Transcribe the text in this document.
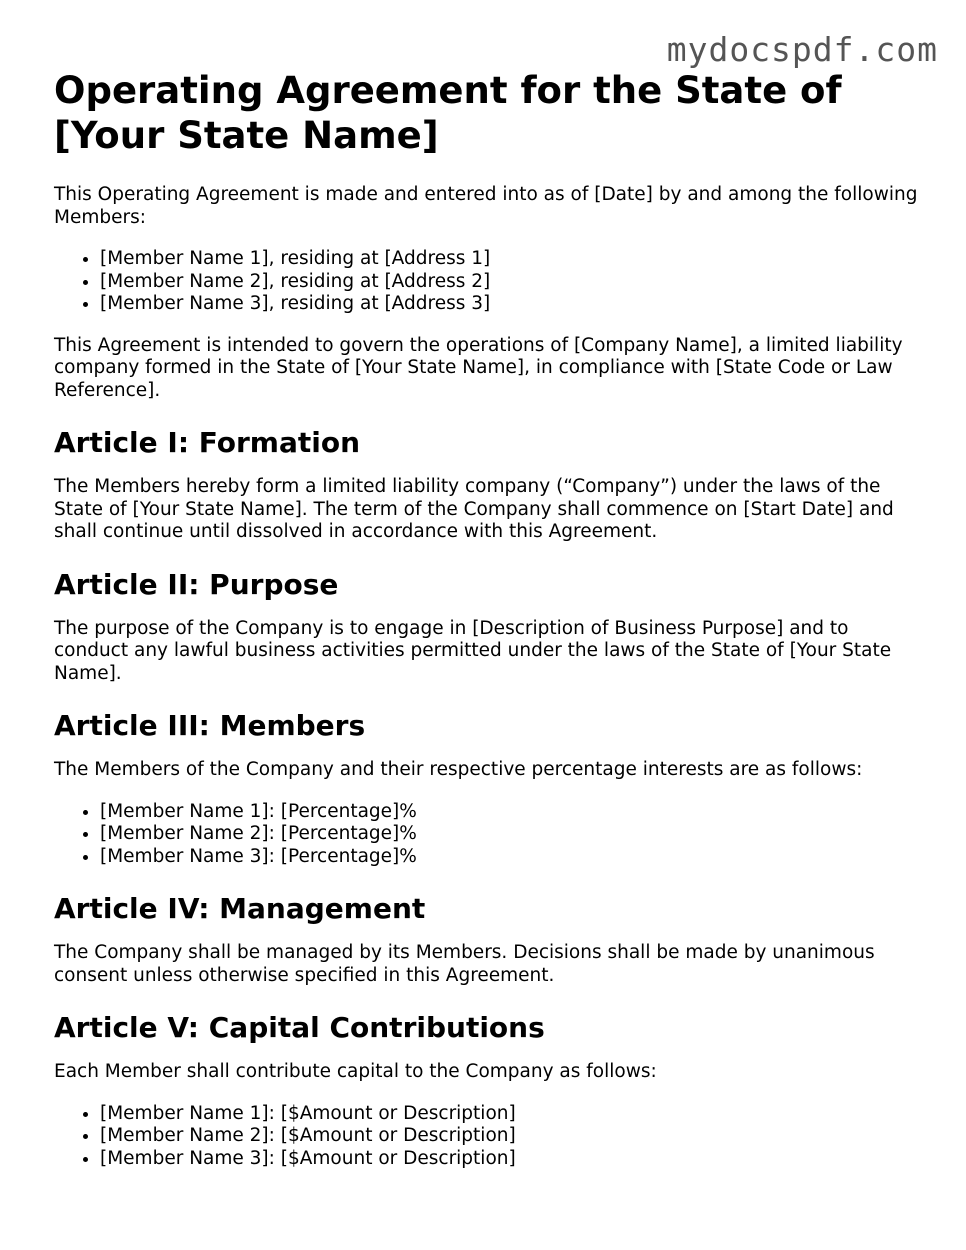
mydocspdf.com
Operating Agreement for the State of [Your State Name]

This Operating Agreement is made and entered into as of [Date] by and among the following Members:

• [Member Name 1], residing at [Address 1]
• [Member Name 2], residing at [Address 2]
• [Member Name 3], residing at [Address 3]

This Agreement is intended to govern the operations of [Company Name], a limited liability company formed in the State of [Your State Name], in compliance with [State Code or Law Reference].

Article I: Formation

The Members hereby form a limited liability company (“Company”) under the laws of the State of [Your State Name]. The term of the Company shall commence on [Start Date] and shall continue until dissolved in accordance with this Agreement.

Article II: Purpose

The purpose of the Company is to engage in [Description of Business Purpose] and to conduct any lawful business activities permitted under the laws of the State of [Your State Name].

Article III: Members

The Members of the Company and their respective percentage interests are as follows:

• [Member Name 1]: [Percentage]%
• [Member Name 2]: [Percentage]%
• [Member Name 3]: [Percentage]%
Article IV: Management

The Company shall be managed by its Members. Decisions shall be made by unanimous consent unless otherwise specified in this Agreement.

Article V: Capital Contributions

Each Member shall contribute capital to the Company as follows:

• [Member Name 1]: [$Amount or Description]
• [Member Name 2]: [$Amount or Description]
• [Member Name 3]: [$Amount or Description]
